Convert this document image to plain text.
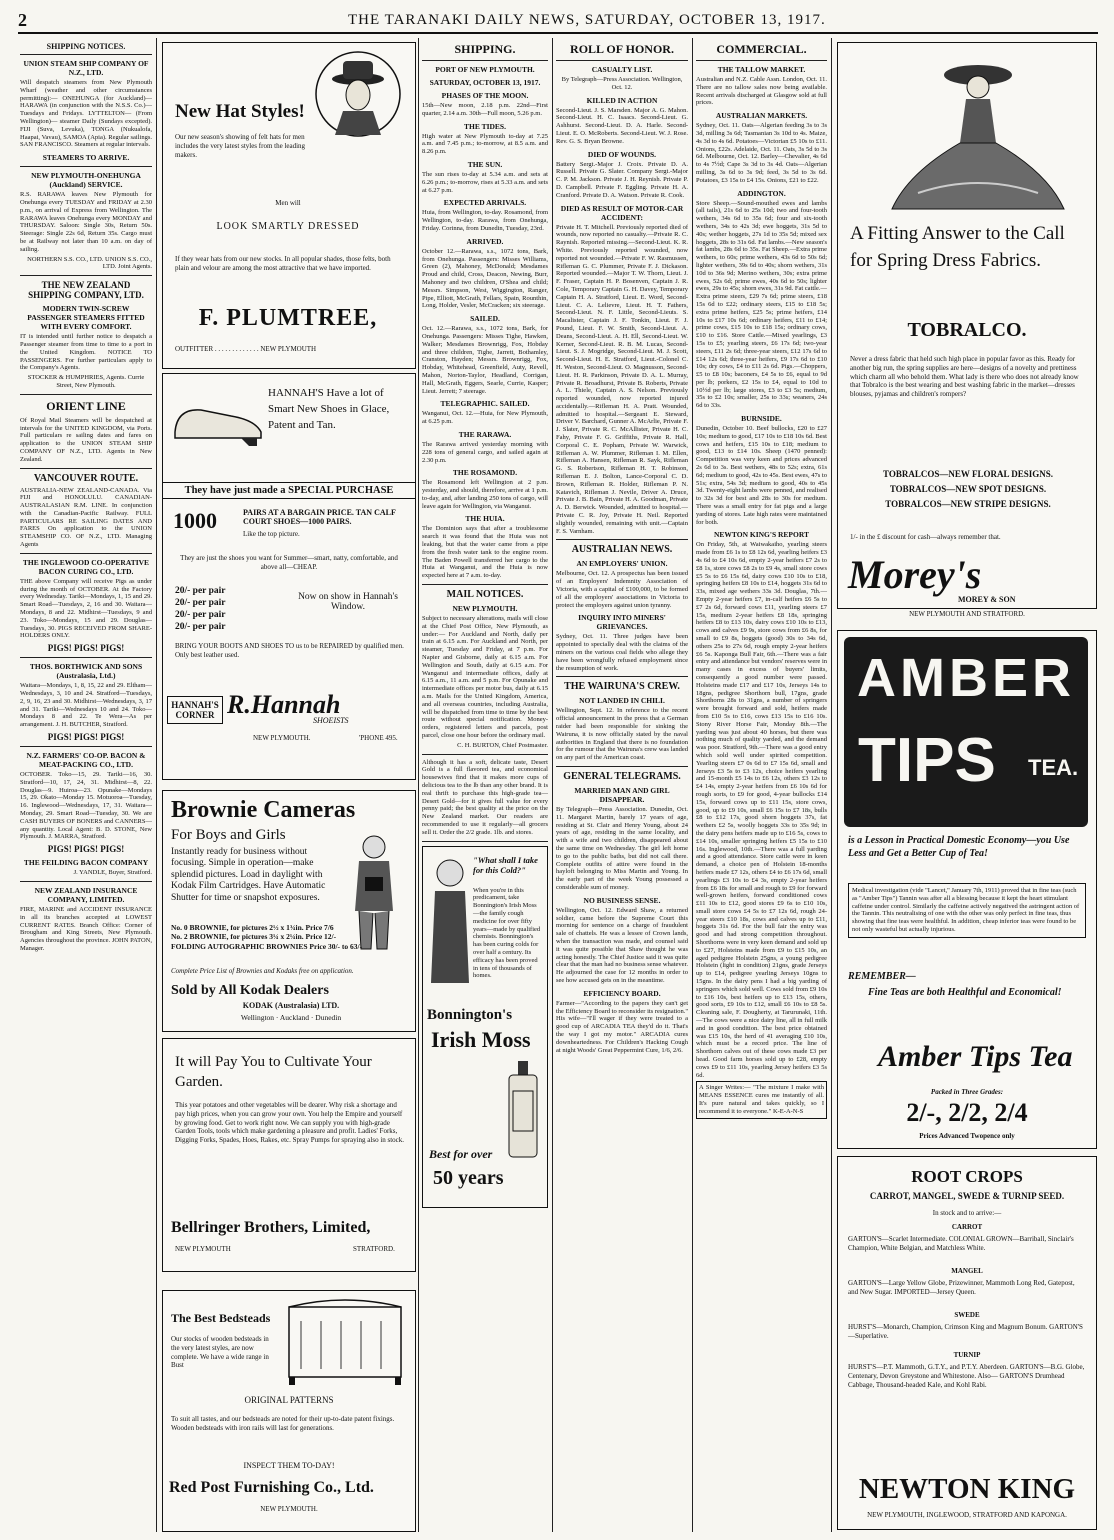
2	THE TARANAKI DAILY NEWS, SATURDAY, OCTOBER 13, 1917.
SHIPPING NOTICES.
UNION STEAM SHIP COMPANY OF N.Z., LTD.
Will despatch steamers from New Plymouth Wharf (weather and other circumstances permitting):— ONEHUNGA (for Auckland)— HARAWA (in conjunction with the N.S.S. Co.)—Tuesdays and Fridays. LYTTELTON— (From Wellington)— steamer Daily (Sundays excepted). FIJI (Suva, Levuka), TONGA (Nukualofa, Haapai, Vavau), SAMOA (Apia). Regular sailings. SAN FRANCISCO. Steamers at regular intervals.
STEAMERS TO ARRIVE.
NEW PLYMOUTH-ONEHUNGA (Auckland) SERVICE.
R.S. RARAWA leaves New Plymouth for Onehunga every TUESDAY and FRIDAY at 2.30 p.m., on arrival of Express from Wellington. The RARAWA leaves Onehunga every MONDAY and THURSDAY. Saloon: Single 30s, Return 50s. Steerage: Single 22s 6d, Return 35s. Cargo must be at Railway not later than 10 a.m. on day of sailing.
NORTHERN S.S. CO., LTD. UNION S.S. CO., LTD. Joint Agents.
THE NEW ZEALAND SHIPPING COMPANY, LTD.
MODERN TWIN-SCREW PASSENGER STEAMERS FITTED WITH EVERY COMFORT.
IT is intended until further notice to despatch a Passenger steamer from time to time to a port in the United Kingdom. NOTICE TO PASSENGERS. For further particulars apply to the Company's Agents.
STOCKER & HUMPHRIES, Agents. Currie Street, New Plymouth.
ORIENT LINE
Of Royal Mail Steamers will be despatched at intervals for the UNITED KINGDOM, via Ports. Full particulars re sailing dates and fares on application to the UNION STEAM SHIP COMPANY OF N.Z., LTD. Agents in New Zealand.
VANCOUVER ROUTE.
AUSTRALIA-NEW ZEALAND-CANADA. Via FIJI and HONOLULU. CANADIAN-AUSTRALASIAN R.M. LINE. In conjunction with the Canadian-Pacific Railway. FULL PARTICULARS RE SAILING DATES AND FARES On application to the UNION STEAMSHIP CO. OF N.Z., LTD. Managing Agents
THE INGLEWOOD CO-OPERATIVE BACON CURING CO., LTD.
THE above Company will receive Pigs as under during the month of OCTOBER. At the Factory every Wednesday. Tariki—Mondays, 1, 15 and 29. Smart Road—Tuesdays, 2, 16 and 30. Waitara—Mondays, 8 and 22. Midhirst—Tuesdays, 9 and 23. Toko—Mondays, 15 and 29. Douglas—Tuesdays, 30. PIGS RECEIVED FROM SHARE-HOLDERS ONLY.
PIGS! PIGS! PIGS!
THOS. BORTHWICK AND SONS (Australasia, Ltd.)
Waitara—Mondays, 1, 8, 15, 22 and 29. Eltham—Wednesdays, 3, 10 and 24. Stratford—Tuesdays, 2, 9, 16, 23 and 30. Midhirst—Wednesdays, 3, 17 and 31. Tariki—Wednesdays 10 and 24. Toko—Mondays 8 and 22. Te Wera—As per arrangement. J. H. BUTCHER, Stratford.
PIGS! PIGS! PIGS!
N.Z. FARMERS' CO-OP. BACON & MEAT-PACKING CO., LTD.
OCTOBER. Toko—15, 29. Tariki—16, 30. Stratford—10, 17, 24, 31. Midhirst—8, 22. Douglas—9. Huiroa—23. Opunake—Mondays 15, 29. Okato—Monday 15. Motuoroa—Tuesday, 16. Inglewood—Wednesdays, 17, 31. Waitara—Monday, 29. Smart Road—Tuesday, 30. We are CASH BUYERS OF BONERS and CANNERS—any quantity. Local Agent: B. D. STONE, New Plymouth. J. MARRA, Stratford.
PIGS! PIGS! PIGS!
THE FEILDING BACON COMPANY
J. YANDLE, Buyer, Stratford.
NEW ZEALAND INSURANCE COMPANY, LIMITED.
FIRE, MARINE and ACCIDENT INSURANCE in all its branches accepted at LOWEST CURRENT RATES. Branch Office: Corner of Brougham and King Streets, New Plymouth. Agencies throughout the province. JOHN PATON, Manager.
New Hat Styles!
Our new season's showing of felt hats for men includes the very latest styles from the leading makers.
Men will
LOOK SMARTLY DRESSED
If they wear hats from our new stocks. In all popular shades, those felts, both plain and velour are among the most attractive that we have imported.
F. PLUMTREE,
OUTFITTER . . . . . . . . . . . . . NEW PLYMOUTH
HANNAH'S Have a lot of Smart New Shoes in Glace, Patent and Tan.
They have just made a SPECIAL PURCHASE
1000	PAIRS AT A BARGAIN PRICE. TAN CALF COURT SHOES—1000 PAIRS.
Like the top picture.
They are just the shoes you want for Summer—smart, natty, comfortable, and above all—CHEAP.
20/- per pair
20/- per pair
20/- per pair
20/- per pair
Now on show in Hannah's Window.
BRING YOUR BOOTS AND SHOES TO us to be REPAIRED by qualified men. Only best leather used.
HANNAH'S CORNER R.Hannah
SHOEISTS
NEW PLYMOUTH.	'PHONE 495.
Brownie Cameras
For Boys and Girls
Instantly ready for business without focusing. Simple in operation—make splendid pictures. Load in daylight with Kodak Film Cartridges. Have Automatic Shutter for time or snapshot exposures.
No. 0 BROWNIE, for pictures 2½ x 1¾in. Price 7/6
No. 2 BROWNIE, for pictures 3¼ x 2¼in. Price 12/-
FOLDING AUTOGRAPHIC BROWNIES Price 30/- to 63/-
Complete Price List of Brownies and Kodaks free on application.
Sold by All Kodak Dealers
KODAK (Australasia) LTD.
Wellington · Auckland · Dunedin
It will Pay You to Cultivate Your Garden.
This year potatoes and other vegetables will be dearer. Why risk a shortage and pay high prices, when you can grow your own. You help the Empire and yourself by growing food. Get to work right now. We can supply you with high-grade Garden Tools, tools which make gardening a pleasure and profit. Ladies' Forks, Digging Forks, Spades, Hoes, Rakes, etc. Spray Pumps for spraying also in stock.
Bellringer Brothers, Limited,
NEW PLYMOUTH	STRATFORD.
The Best Bedsteads
Our stocks of wooden bedsteads in the very latest styles, are now complete. We have a wide range in Bust
ORIGINAL PATTERNS
To suit all tastes, and our bedsteads are noted for their up-to-date patent fixings. Wooden bedsteads with iron rails will last for generations.
INSPECT THEM TO-DAY!
Red Post Furnishing Co., Ltd.
NEW PLYMOUTH.
SHIPPING.
PORT OF NEW PLYMOUTH.
SATURDAY, OCTOBER 13, 1917.
PHASES OF THE MOON.
15th—New moon, 2.18 p.m. 22nd—First quarter, 2.14 a.m. 30th—Full moon, 5.26 p.m.
THE TIDES.
High water at New Plymouth to-day at 7.25 a.m. and 7.45 p.m.; to-morrow, at 8.5 a.m. and 8.26 p.m.
THE SUN.
The sun rises to-day at 5.34 a.m. and sets at 6.26 p.m.; to-morrow, rises at 5.33 a.m. and sets at 6.27 p.m.
EXPECTED ARRIVALS.
Huia, from Wellington, to-day. Rosamond, from Wellington, to-day. Rarawa, from Onehunga, Friday. Corinna, from Dunedin, Tuesday, 23rd.
ARRIVED.
October 12.—Rarawa, s.s., 1072 tons, Bark, from Onehunga. Passengers: Misses Williams, Green (2), Mahoney, McDonald; Mesdames Proud and child, Cross, Deacon, Newing, Burr, Mahoney and two children, O'Shea and child; Messrs. Simpson, West, Wiggington, Ranger, Pipe, Elliott, McGrath, Fellars, Spain, Rounthin, Long, Holder, Vesler, McCracken; six steerage.
SAILED.
Oct. 12.—Rarawa, s.s., 1072 tons, Bark, for Onehunga. Passengers: Misses Tighe, Hawken, Walker; Mesdames Brownrigg, Fox, Hobday and three children, Tighe, Jarrett, Bothamley, Cranston, Hayden; Messrs. Brownrigg, Fox, Hobday, Whitehead, Greenfield, Auty, Revell, Mahon, Norton-Taylor, Headland, Corrigan, Hall, McGrath, Eggers, Searle, Currie, Kasper; Lieut. Jerrett; 7 steerage.
TELEGRAPHIC. SAILED.
Wanganui, Oct. 12.—Huia, for New Plymouth, at 6.25 p.m.
THE RARAWA.
The Rarawa arrived yesterday morning with 228 tons of general cargo, and sailed again at 2.30 p.m.
THE ROSAMOND.
The Rosamond left Wellington at 2 p.m. yesterday, and should, therefore, arrive at 1 p.m. to-day, and, after landing 250 tons of cargo, will leave again for Wellington, via Wanganui.
THE HUIA.
The Dominion says that after a troublesome search it was found that the Huia was not leaking, but that the water came from a pipe from the fresh water tank to the engine room. The Baden Powell transferred her cargo to the Huia at Wanganui, and the Huia is now expected here at 7 a.m. to-day.
MAIL NOTICES.
NEW PLYMOUTH.
Subject to necessary alterations, mails will close at the Chief Post Office, New Plymouth, as under:— For Auckland and North, daily per train at 6.15 a.m. For Auckland and North, per steamer, Tuesday and Friday, at 7 p.m. For Napier and Gisborne, daily at 6.15 a.m. For Wellington and South, daily at 6.15 a.m. For Wanganui and intermediate offices, daily at 6.15 a.m., 11 a.m. and 5 p.m. For Opunake and intermediate offices per motor bus, daily at 6.15 a.m. Mails for the United Kingdom, America, and all overseas countries, including Australia, will be dispatched from time to time by the best route without special notification. Money-orders, registered letters and parcels, post parcel, close one hour before the ordinary mail.
C. H. BURTON, Chief Postmaster.
Although it has a soft, delicate taste, Desert Gold is a full flavored tea, and economical housewives find that it makes more cups of delicious tea to the lb than any other brand. It is real thrift to purchase this high-grade tea—Desert Gold—for it gives full value for every penny paid; the best quality at the price on the New Zealand market. Our readers are recommended to use it regularly—all grocers sell it. Order the 2/2 grade. 1lb. and stores.
"What shall I take for this Cold?"
When you're in this predicament, take Bonnington's Irish Moss—the family cough medicine for over fifty years—made by qualified chemists. Bonnington's has been curing colds for over half a century. Its efficacy has been proved in tens of thousands of homes.
Bonnington's
Irish Moss
Best for over
50 years
ROLL OF HONOR.
CASUALTY LIST.
By Telegraph—Press Association. Wellington, Oct. 12.
KILLED IN ACTION
Second-Lieut. J. S. Marsden. Major A. G. Mahon. Second-Lieut. H. C. Isaacs. Second-Lieut. G. Ashhurst. Second-Lieut. D. A. Harle. Second-Lieut. E. O. McRoberts. Second-Lieut. W. J. Rose. Rev. G. S. Bryan Browne.
DIED OF WOUNDS.
Battery Sergt.-Major J. Croix. Private D. A. Russell. Private G. Slater. Company Sergt.-Major C. P. M. Jackson. Private J. H. Reynish. Private P. D. Campbell. Private F. Eggling. Private H. A. Cranford. Private D. A. Watson. Private R. Cook.
DIED AS RESULT OF MOTOR-CAR ACCIDENT:
Private H. T. Mitchell. Previously reported died of wounds, now reported no casualty.—Private R. C. Raynish. Reported missing.—Second-Lieut. K. R. White. Previously reported wounded, now reported not wounded.—Private F. W. Rasmussen, Rifleman G. C. Plummer, Private F. J. Dickason. Reported wounded.—Major T. W. Thorn, Lieut. J. F. Fraser, Captain H. P. Bosenven, Captain J. R. Cole, Temporary Captain G. H. Davey, Temporary Captain H. A. Stratford, Lieut. E. Word, Second-Lieut. C. A. Lelievre, Lieut. H. T. Fathers, Second-Lieut. N. F. Little, Second-Lieuts. S. Macalister, Captain J. F. Tonkin, Lieut. F. J. Pound, Lieut. F. W. Smith, Second-Lieut. A. Deans, Second-Lieut. A. H. Ell, Second-Lieut. W. Kerner, Second-Lieut. R. B. M. Lucas, Second-Lieut. S. J. Mogridge, Second-Lieut. M. J. Scott, Second-Lieut. H. E. Stratford, Lieut.-Colonel C. H. Weston, Second-Lieut. O. Magnusson, Second-Lieut. H. R. Parkinson, Private D. A. L. Murray, Private R. Broadhurst, Private B. Roberts, Private A. L. Thiele, Captain A. S. Nelson. Previously reported wounded, now reported injured accidentally.—Rifleman H. A. Pratt. Wounded, admitted to hospital.—Sergeant E. Steward, Driver V. Barchard, Gunner A. McArlie, Private F. J. Slater, Private R. C. McAllister, Private H. C. Fahy, Private F. G. Griffiths, Private R. Hall, Corporal C. E. Popham, Private W. Warwick, Rifleman A. W. Plummer, Rifleman I. M. Ellen, Rifleman A. Hansen, Rifleman R. Sayk, Rifleman G. S. Robertson, Rifleman H. T. Robinson, Rifleman E. J. Bolton, Lance-Corporal C. D. Brown, Rifleman R. Holder, Rifleman P. N. Katavich, Rifleman J. Nevile, Driver A. Druce, Private J. B. Bain, Private H. A. Goodman, Private A. D. Berwick. Wounded, admitted to hospital.—Private C. R. Joy, Private H. Neil. Reported slightly wounded, remaining with unit.—Captain F. S. Varnham.
AUSTRALIAN NEWS.
AN EMPLOYERS' UNION.
Melbourne, Oct. 12. A prospectus has been issued of an Employers' Indemnity Association of Victoria, with a capital of £100,000, to be formed of all the employers' associations in Victoria to protect the employers against union tyranny.
INQUIRY INTO MINERS' GRIEVANCES.
Sydney, Oct. 11. Three judges have been appointed to specially deal with the claims of the miners on the various coal fields who allege they have been wrongfully refused employment since the resumption of work.
THE WAIRUNA'S CREW.
NOT LANDED IN CHILI.
Wellington, Sept. 12. In reference to the recent official announcement in the press that a German raider had been responsible for sinking the Wairuna, it is now officially stated by the naval authorities in England that there is no foundation for the rumour that the Wairuna's crew was landed on any part of the American coast.
GENERAL TELEGRAMS.
MARRIED MAN AND GIRL DISAPPEAR.
By Telegraph—Press Association. Dunedin, Oct. 11. Margaret Martin, barely 17 years of age, residing at St. Clair and Henry Young, about 24 years of age, residing in the same locality, and with a wife and two children, disappeared about the same time on Wednesday. The girl left home to go to the public baths, but did not call there. Complete outfits of attire were found in the hayloft belonging to Miss Martin and Young. In the early part of the week Young possessed a considerable sum of money.
NO BUSINESS SENSE.
Wellington, Oct. 12. Edward Shaw, a returned soldier, came before the Supreme Court this morning for sentence on a charge of fraudulent sale of chattels. He was a lessee of Crown lands, when the transaction was made, and counsel said it was quite possible that Shaw thought he was acting honestly. The Chief Justice said it was quite clear that the man had no business sense whatever. He adjourned the case for 12 months in order to see how accused gets on in the meantime.
EFFICIENCY BOARD.
Farmer—"According to the papers they can't get the Efficiency Board to reconsider its resignation." His wife—"I'll wager if they were treated to a good cup of ARCADIA TEA they'd do it. That's the way I got my motor." ARCADIA cures downheartedness. For Children's Hacking Cough at night Woods' Great Peppermint Cure, 1/6, 2/6.
COMMERCIAL.
THE TALLOW MARKET.
Australian and N.Z. Cable Assn. London, Oct. 11. There are no tallow sales now being available. Recent arrivals discharged at Glasgow sold at full prices.
AUSTRALIAN MARKETS.
Sydney, Oct. 11. Oats—Algerian feeding 3s to 3s 3d, milling 3s 6d; Tasmanian 3s 10d to 4s. Maize, 4s 3d to 4s 6d. Potatoes—Victorian £5 10s to £11. Onions, £22s. Adelaide, Oct. 11. Oats, 3s 5d to 3s 6d. Melbourne, Oct. 12. Barley—Chevalier, 4s 6d to 4s 7½d; Cape 3s 3d to 3s 4d. Oats—Algerian milling, 3s 6d to 3s 9d; feed, 3s 5d to 3s 6d. Potatoes, £3 15s to £4 15s. Onions, £21 to £22.
ADDINGTON.
Store Sheep.—Sound-mouthed ewes and lambs (all tails), 21s 6d to 25s 10d; two and four-tooth wethers, 34s 6d to 35s 6d; four and six-tooth wethers, 34s to 42s 3d; ewe hoggets, 31s 5d to 40s; wether hoggets, 27s 1d to 35s 5d; mixed sex hoggets, 28s to 31s 6d. Fat lambs.—New season's fat lambs, 28s 6d to 35s. Fat Sheep.—Extra prime wethers, to 60s; prime wethers, 43s 6d to 50s 6d; lighter wethers, 39s 6d to 40s; shorn wethers, 31s 10d to 36s 9d; Merino wethers, 30s; extra prime ewes, 52s 6d; prime ewes, 40s 6d to 50s; lighter ewes, 29s to 45s; shorn ewes, 31s 9d. Fat cattle.—Extra prime steers, £29 7s 6d; prime steers, £18 15s 6d to £22; ordinary steers, £15 to £18 5s; extra prime heifers, £25 5s; prime heifers, £14 10s to £17 10s 6d; ordinary heifers, £11 to £14; prime cows, £15 10s to £18 15s; ordinary cows, £10 to £16. Store Cattle.—Mixed yearlings, £3 15s to £5; yearling steers, £6 17s 6d; two-year steers, £11 2s 6d; three-year steers, £12 17s 6d to £14 12s 6d; three-year heifers, £9 17s 6d to £10 10s; dry cows, £4 to £11 2s 6d. Pigs.—Choppers, £5 to £8 10s; baconers, £4 5s to £6, equal to 9d per lb; porkers, £2 15s to £4, equal to 10d to 10½d per lb; large stores, £3 to £3 5s; medium, 35s to £2 10s; smaller, 25s to 33s; weaners, 24s 6d to 33s.
BURNSIDE.
Dunedin, October 10. Beef bullocks, £20 to £27 10s; medium to good, £17 10s to £18 10s 6d. Best cows and heifers, £15 10s to £18; medium to good, £13 to £14 10s. Sheep (1470 penned): Competition was very keen and prices advanced 2s 6d to 3s. Best wethers, 48s to 52s; extra, 61s 6d; medium to good, 42s to 45s. Best ewes, 47s to 51s; extra, 54s 3d; medium to good, 40s to 45s 3d. Twenty-eight lambs were penned, and realised to 32s 3d for best and 28s to 30s for medium. There was a small entry for fat pigs and a large yarding of stores. Late high rates were maintained for both.
NEWTON KING'S REPORT
On Friday, 5th, at Waiwakaiho, yearling steers made from £6 1s to £8 12s 6d, yearling heifers £3 4s 6d to £4 10s 6d, empty 2-year heifers £7 2s to £8 1s, store cows £8 2s to £9 4s, small store cows £5 5s to £6 15s 6d, dairy cows £10 10s to £18, springing heifers £8 10s to £14, hoggets 31s 6d to 33s, mixed age wethers 33s 3d. Douglas, 7th.—Empty 2-year heifers £7, in-calf heifers £6 5s to £7 2s 6d, forward cows £11, yearling steers £7 15s, medium 2-year heifers £8 18s, springing heifers £8 to £13 10s, dairy cows £10 10s to £13, cows and calves £9 9s, store cows from £6 8s, for small to £9 8s, hoggets (good) 30s to 34s 6d, others 25s to 27s 6d, rough empty 2-year heifers £6 5s. Kaponga Bull Fair, 6th.—There was a fair entry and attendance but vendors' reserves were in many cases in excess of buyers' limits, consequently a good number were passed. Holsteins made £17 and £17 10s, Jerseys 14s to 18gns, pedigree Shorthorn bull, 17gns, grade Shorthorns 28s to 31gns, a number of springers were brought forward and sold, heifers made from £10 5s to £16, cows £13 15s to £16 10s. Stony River Horse Fair, Monday 8th.—The yarding was just about 40 horses, but there was nothing much of quality yarded, and the demand was poor. Stratford, 9th.—There was a good entry which sold well under spirited competition. Yearling steers £7 0s 6d to £7 15s 6d, small and Jerseys £3 5s to £3 12s, choice heifers yearling and 15-month £5 14s to £6 12s, others £3 12s to £4 14s, empty 2-year heifers from £6 10s 6d for rough sorts, to £9 for good, 4-year bullocks £14 15s, forward cows up to £11 15s, store cows, good, up to £9 10s, small £6 15s to £7 18s, bulls £8 to £12 17s, good shorn hoggets 37s, fat wethers £2 5s, woolly hoggets 33s to 35s 9d; in the dairy pens heifers made up to £16 5s, cows to £14 10s, smaller springing heifers £5 15s to £10 16s. Inglewood, 10th.—There was a full yarding and a good attendance. Store cattle were in keen demand, a choice pen of Holstein 18-months heifers made £7 12s, others £4 to £6 17s 6d, small yearlings £3 10s to £4 3s, empty 2-year heifers from £6 18s for small and rough to £9 for forward well-grown heifers, forward conditioned cows £11 10s to £12, good stores £9 6s to £10 10s, small store cows £4 5s to £7 12s 6d, rough 24-year steers £10 18s, cows and calves up to £11, hoggets 31s 6d. For the bull fair the entry was good and had strong competition throughout. Shorthorns were in very keen demand and sold up to £27, Holsteins made from £9 to £15 10s, an aged pedigree Holstein 25gns, a young pedigree Holstein (light in condition) 21gns, grade Jerseys up to £14, pedigree yearling Jerseys 10gns to 15gns. In the dairy pens I had a big yarding of springers which sold well. Cows sold from £9 10s to £16 10s, best heifers up to £13 15s, others, good sorts, £9 10s to £12, small £6 10s to £8 5s. Cleaning sale, F. Dougherty, at Tarurunaki, 11th.—The cows were a nice dairy line, all in full milk and in good condition. The best price obtained was £15 10s, the herd of 41 averaging £10 10s, which must be a record price. The line of Shorthorn calves out of these cows made £3 per head. Good farm horses sold up to £28, empty cows £9 to £11 10s, yearling Jersey heifers £3 5s 6d.
A Singer Writes:— "The mixture I make with MEANS ESSENCE cures me instantly of all. It's pure natural and takes quickly, so I recommend it to everyone." K-E-A-N-S
A Fitting Answer to the Call for Spring Dress Fabrics.
TOBRALCO.
Never a dress fabric that held such high place in popular favor as this. Ready for another big run, the spring supplies are here—designs of a novelty and prettiness which charm all who behold them. What lady is there who does not already know that Tobralco is the best wearing and best washing fabric in the market—dresses blouses, pyjamas and children's rompers?
TOBRALCOS—NEW FLORAL DESIGNS.
TOBRALCOS—NEW SPOT DESIGNS.
TOBRALCOS—NEW STRIPE DESIGNS.
1/- in the £ discount for cash—always remember that.
Morey's
MOREY & SON
NEW PLYMOUTH AND STRATFORD.
AMBER
TIPS TEA.
is a Lesson in Practical Domestic Economy—you Use Less and Get a Better Cup of Tea!
Medical investigation (vide "Lancet," January 7th, 1911) proved that in fine teas (such as "Amber Tips") Tannin was after all a blessing because it kept the heart stimulant caffeine under control. Similarly the caffeine actively negatived the astringent action of the Tannin. This neutralising of one with the other was only perfect in fine teas, thus showing that fine teas were healthful. In addition, cheap inferior teas were found to be not only wasteful but actually injurious.
REMEMBER—
Fine Teas are both Healthful and Economical!
Amber Tips Tea
Packed in Three Grades:
2/-, 2/2, 2/4
Prices Advanced Twopence only
ROOT CROPS
CARROT, MANGEL, SWEDE & TURNIP SEED.
In stock and to arrive:—
CARROT
GARTON'S—Scarlet Intermediate. COLONIAL GROWN—Barriball, Sinclair's Champion, White Belgian, and Matchless White.
MANGEL
GARTON'S—Large Yellow Globe, Prizewinner, Mammoth Long Red, Gatepost, and New Sugar. IMPORTED—Jersey Queen.
SWEDE
HURST'S—Monarch, Champion, Crimson King and Magnum Bonum. GARTON'S—Superlative.
TURNIP
HURST'S—P.T. Mammoth, G.T.Y., and P.T.Y. Aberdeen. GARTON'S—B.G. Globe, Centenary, Devon Greystone and Whitestone. Also— GARTON'S Drumhead Cabbage, Thousand-headed Kale, and Kohl Rabi.
NEWTON KING
NEW PLYMOUTH, INGLEWOOD, STRATFORD AND KAPONGA.
